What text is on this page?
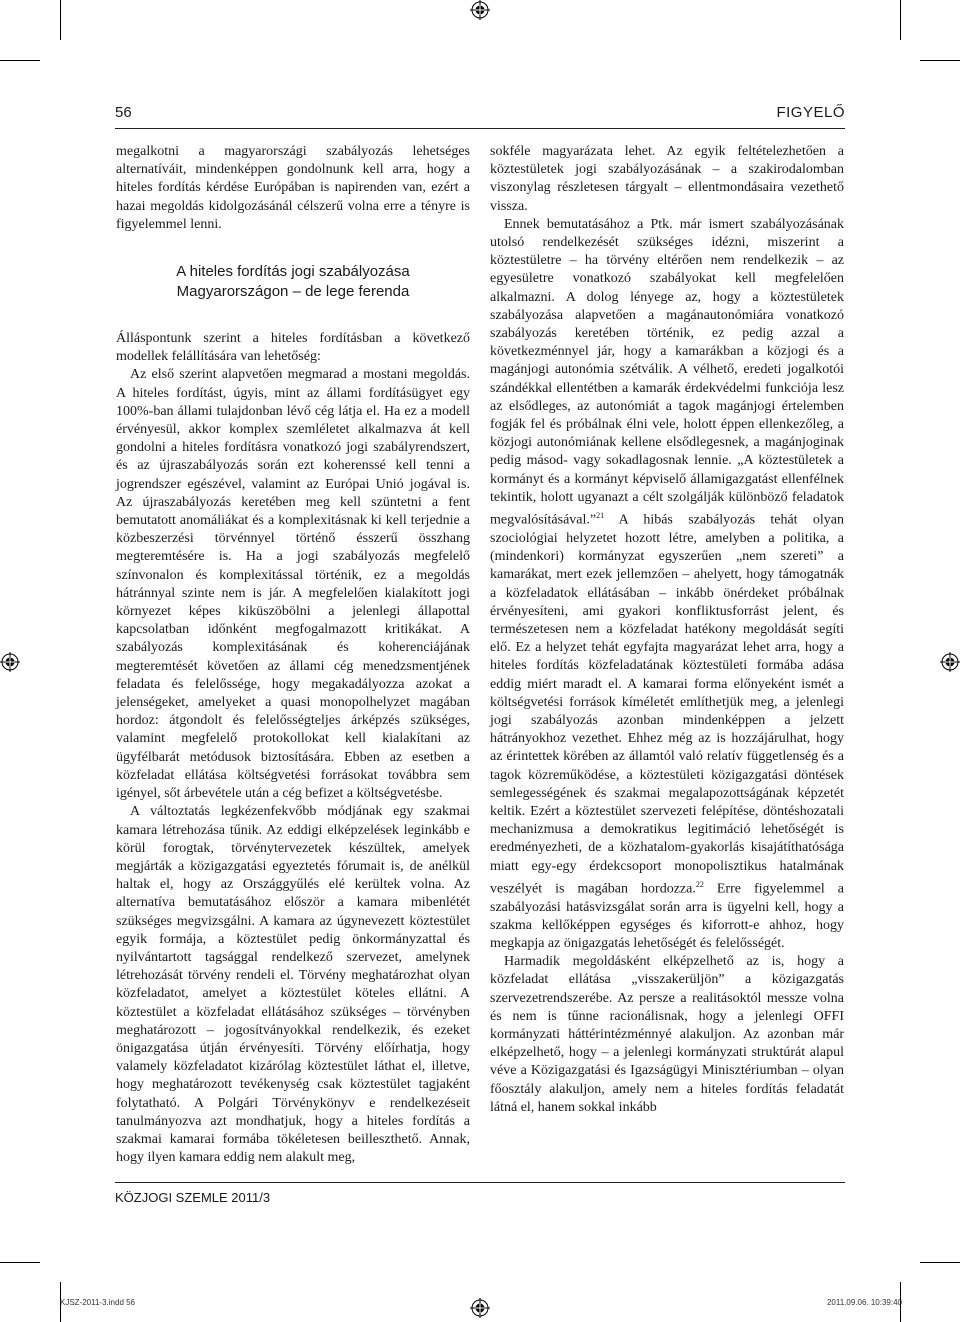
56	FIGYELŐ

megalkotni a magyarországi szabályozás lehetséges alternatíváit, mindenképpen gondolnunk kell arra, hogy a hiteles fordítás kérdése Európában is napirenden van, ezért a hazai megoldás kidolgozásánál célszerű volna erre a tényre is figyelemmel lenni.

A hiteles fordítás jogi szabályozása
Magyarországon – de lege ferenda

Álláspontunk szerint a hiteles fordításban a következő modellek felállítására van lehetőség:

Az első szerint alapvetően megmarad a mostani megoldás. A hiteles fordítást, úgyis, mint az állami fordításügyet egy 100%-ban állami tulajdonban lévő cég látja el. Ha ez a modell érvényesül, akkor komplex szemléletet alkalmazva át kell gondolni a hiteles fordításra vonatkozó jogi szabályrendszert, és az újraszabályozás során ezt koherenssé kell tenni a jogrendszer egészével, valamint az Európai Unió jogával is. Az újraszabályozás keretében meg kell szüntetni a fent bemutatott anomáliákat és a komplexitásnak ki kell terjednie a közbeszerzési törvénnyel történő ésszerű összhang megteremtésére is. Ha a jogi szabályozás megfelelő színvonalon és komplexitással történik, ez a megoldás hátránnyal szinte nem is jár. A megfelelően kialakított jogi környezet képes kiküszöbölni a jelenlegi állapottal kapcsolatban időnként megfogalmazott kritikákat. A szabályozás komplexitásának és koherenciájának megteremtését követően az állami cég menedzsmentjének feladata és felelőssége, hogy megakadályozza azokat a jelenségeket, amelyeket a quasi monopolhelyzet magában hordoz: átgondolt és felelősségteljes árképzés szükséges, valamint megfelelő protokollokat kell kialakítani az ügyfélbarát metódusok biztosítására. Ebben az esetben a közfeladat ellátása költségvetési forrásokat továbbra sem igényel, sőt árbevétele után a cég befizet a költségvetésbe.

A változtatás legkézenfekvőbb módjának egy szakmai kamara létrehozása tűnik. Az eddigi elképzelések leginkább e körül forogtak, törvénytervezetek készültek, amelyek megjárták a közigazgatási egyeztetés fórumait is, de anélkül haltak el, hogy az Országgyűlés elé kerültek volna. Az alternatíva bemutatásához először a kamara mibenlétét szükséges megvizsgálni. A kamara az úgynevezett köztestület egyik formája, a köztestület pedig önkormányzattal és nyilvántartott tagsággal rendelkező szervezet, amelynek létrehozását törvény rendeli el. Törvény meghatározhat olyan közfeladatot, amelyet a köztestület köteles ellátni. A köztestület a közfeladat ellátásához szükséges – törvényben meghatározott – jogosítványokkal rendelkezik, és ezeket önigazgatása útján érvényesíti. Törvény előírhatja, hogy valamely közfeladatot kizárólag köztestület láthat el, illetve, hogy meghatározott tevékenység csak köztestület tagjaként folytatható. A Polgári Törvénykönyv e rendelkezéseit tanulmányozva azt mondhatjuk, hogy a hiteles fordítás a szakmai kamarai formába tökéletesen beilleszthető. Annak, hogy ilyen kamara eddig nem alakult meg,

sokféle magyarázata lehet. Az egyik feltételezhetően a köztestületek jogi szabályozásának – a szakirodalomban viszonylag részletesen tárgyalt – ellentmondásaira vezethető vissza.

Ennek bemutatásához a Ptk. már ismert szabályozásának utolsó rendelkezését szükséges idézni, miszerint a köztestületre – ha törvény eltérően nem rendelkezik – az egyesületre vonatkozó szabályokat kell megfelelően alkalmazni. A dolog lényege az, hogy a köztestületek szabályozása alapvetően a magánautonómiára vonatkozó szabályozás keretében történik, ez pedig azzal a következménnyel jár, hogy a kamarákban a közjogi és a magánjogi autonómia szétválik. A vélhető, eredeti jogalkotói szándékkal ellentétben a kamarák érdekvédelmi funkciója lesz az elsődleges, az autonómiát a tagok magánjogi értelemben fogják fel és próbálnak élni vele, holott éppen ellenkezőleg, a közjogi autonómiának kellene elsődlegesnek, a magánjoginak pedig másod- vagy sokadlagosnak lennie. „A köztestületek a kormányt és a kormányt képviselő államigazgatást ellenfélnek tekintik, holott ugyanazt a célt szolgálják különböző feladatok megvalósításával.”$^{21}$ A hibás szabályozás tehát olyan szociológiai helyzetet hozott létre, amelyben a politika, a (mindenkori) kormányzat egyszerűen „nem szereti” a kamarákat, mert ezek jellemzően – ahelyett, hogy támogatnák a közfeladatok ellátásában – inkább önérdeket próbálnak érvényesíteni, ami gyakori konfliktusforrást jelent, és természetesen nem a közfeladat hatékony megoldását segíti elő. Ez a helyzet tehát egyfajta magyarázat lehet arra, hogy a hiteles fordítás közfeladatának köztestületi formába adása eddig miért maradt el. A kamarai forma előnyeként ismét a költségvetési források kíméletét említhetjük meg, a jelenlegi jogi szabályozás azonban mindenképpen a jelzett hátrányokhoz vezethet. Ehhez még az is hozzájárulhat, hogy az érintettek körében az államtól való relatív függetlenség és a tagok közreműködése, a köztestületi közigazgatási döntések semlegességének és szakmai megalapozottságának képzetét keltik. Ezért a köztestület szervezeti felépítése, döntéshozatali mechanizmusa a demokratikus legitimáció lehetőségét is eredményezheti, de a közhatalom-gyakorlás kisajátíthatósága miatt egy-egy érdekcsoport monopolisztikus hatalmának veszélyét is magában hordozza.$^{22}$ Erre figyelemmel a szabályozási hatásvizsgálat során arra is ügyelni kell, hogy a szakma kellőképpen egységes és kiforrott-e ahhoz, hogy megkapja az önigazgatás lehetőségét és felelősségét.

Harmadik megoldásként elképzelhető az is, hogy a közfeladat ellátása „visszakerüljön” a közigazgatás szervezetrendszerébe. Az persze a realitásoktól messze volna és nem is tűnne racionálisnak, hogy a jelenlegi OFFI kormányzati háttérintézménnyé alakuljon. Az azonban már elképzelhető, hogy – a jelenlegi kormányzati struktúrát alapul véve a Közigazgatási és Igazságügyi Minisztériumban – olyan főosztály alakuljon, amely nem a hiteles fordítás feladatát látná el, hanem sokkal inkább

KÖZJOGI SZEMLE 2011/3
KJSZ-2011-3.indd 56	2011.09.06. 10:39:40
